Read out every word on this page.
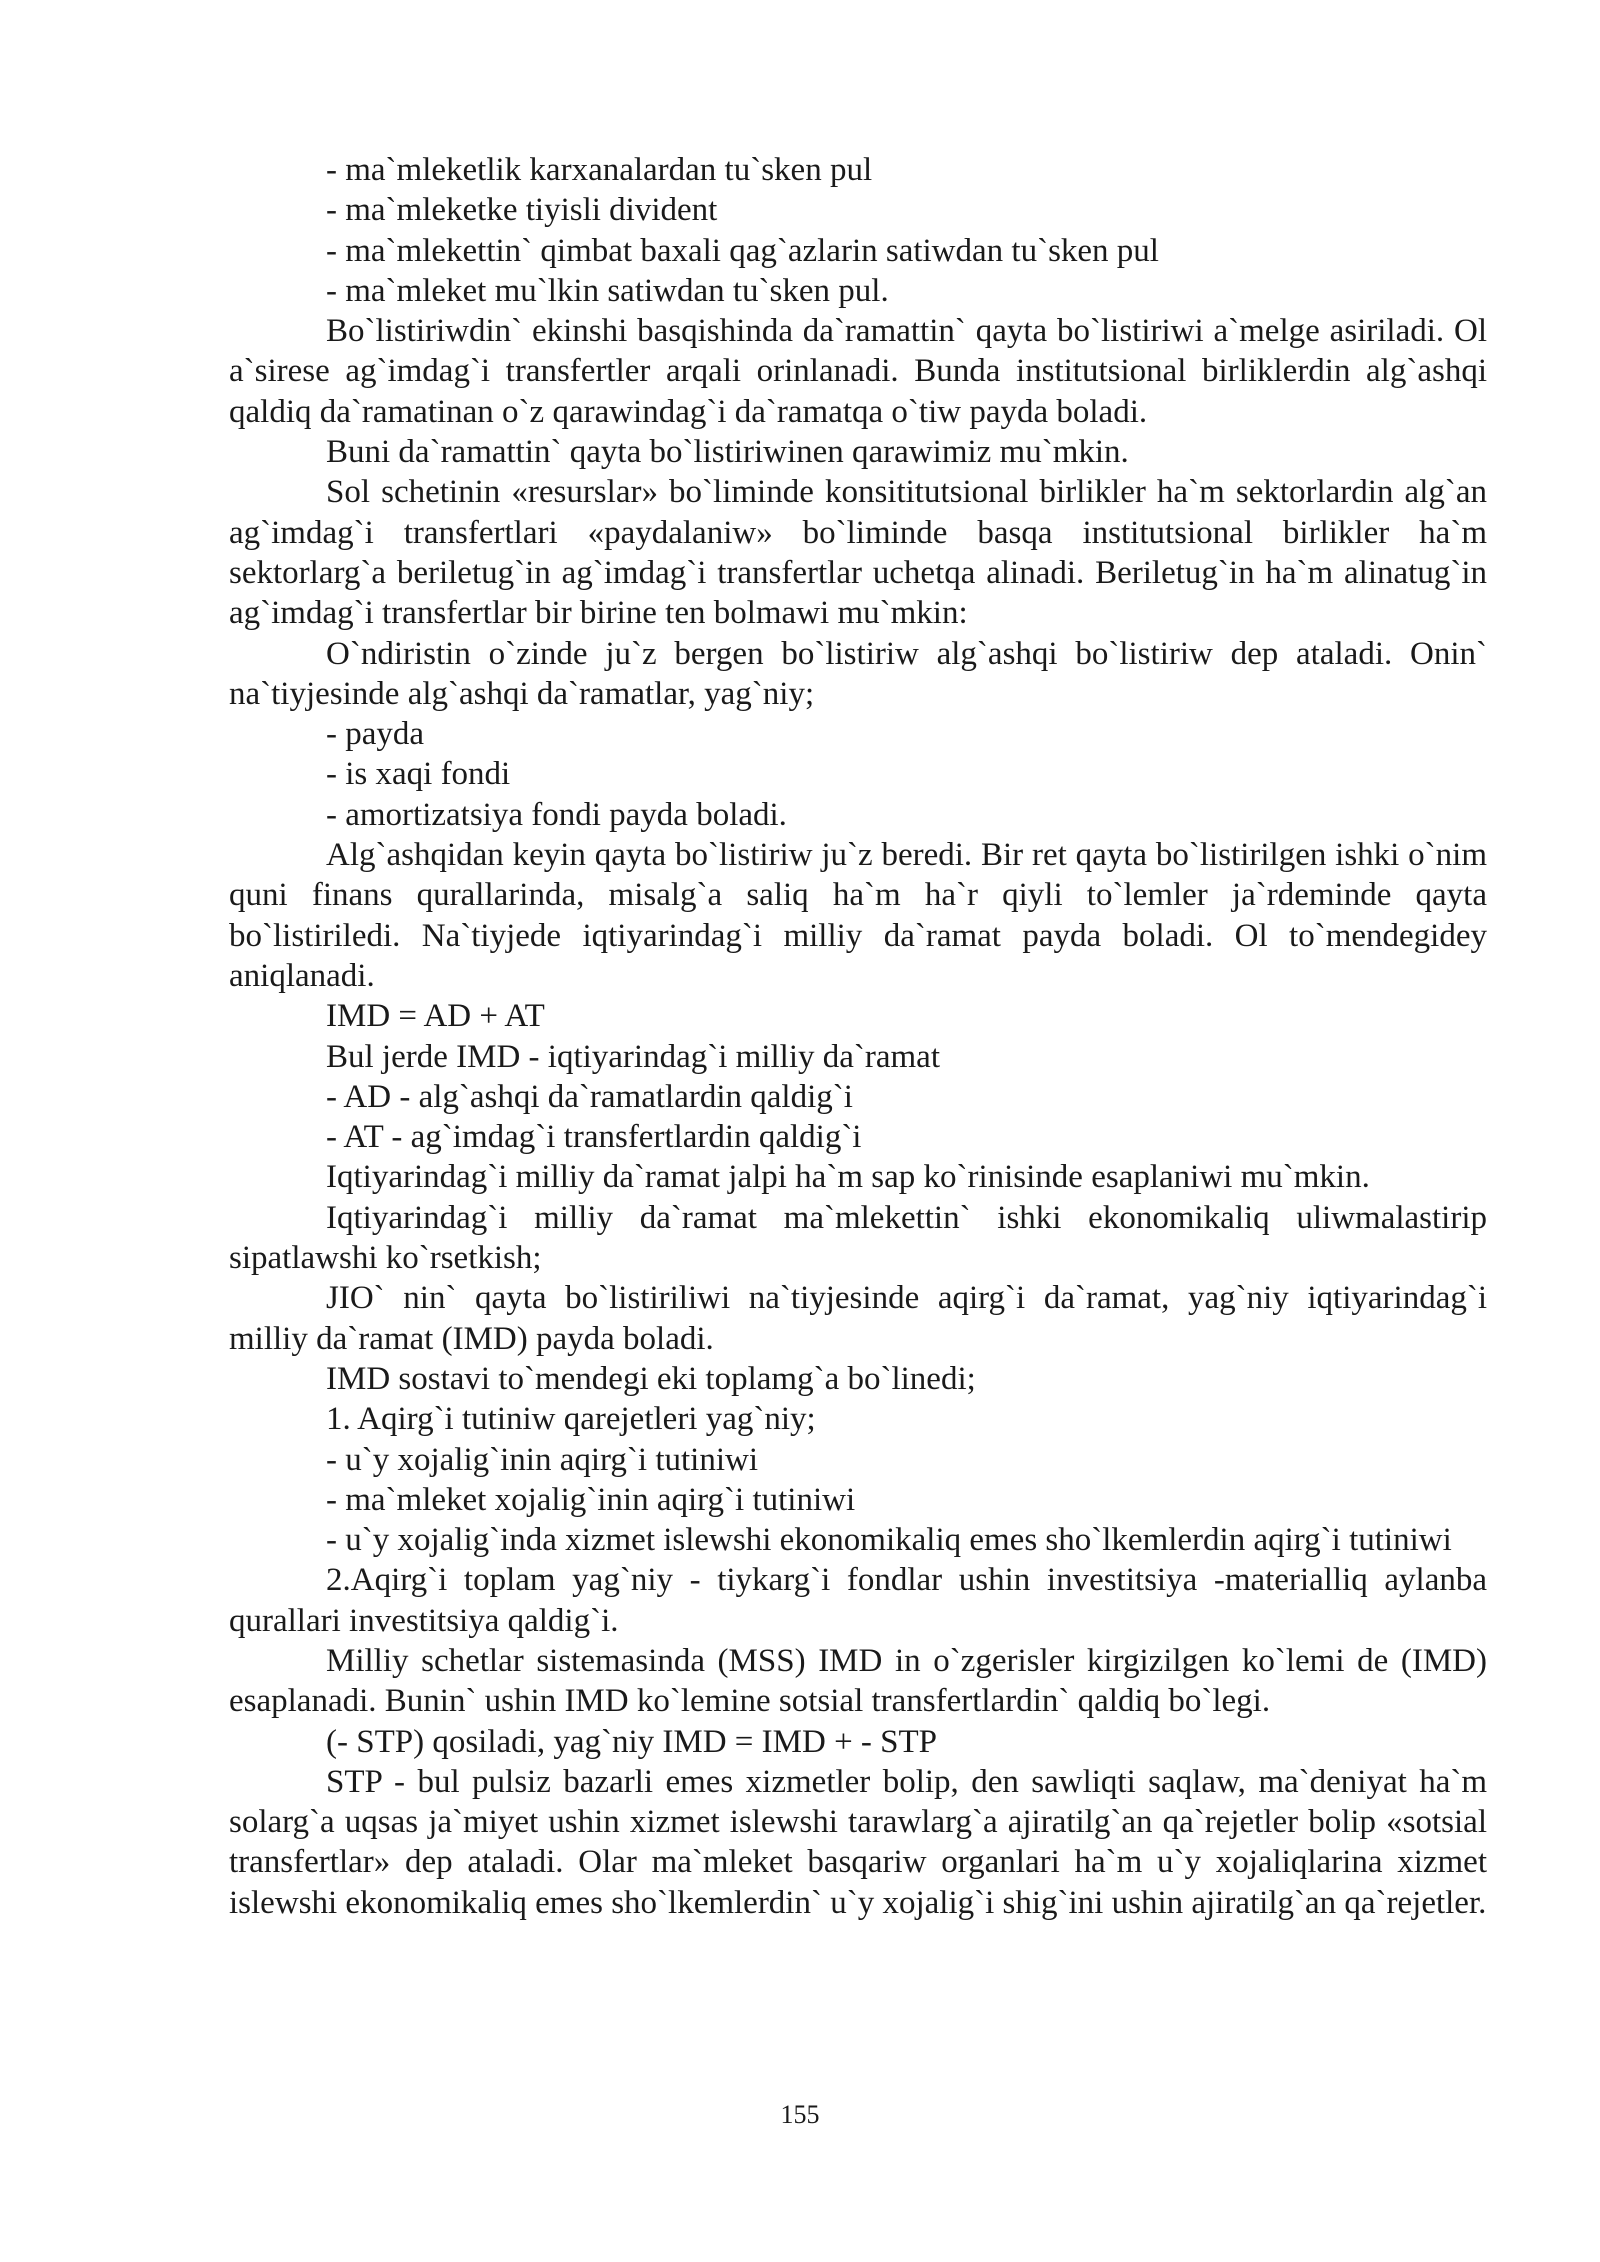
- ma`mleketlik karxanalardan tu`sken pul

- ma`mleketke tiyisli divident

- ma`mlekettin` qimbat baxali qag`azlarin satiwdan tu`sken pul

- ma`mleket mu`lkin satiwdan tu`sken pul.

Bo`listiriwdin` ekinshi basqishinda da`ramattin` qayta bo`listiriwi a`melge asiriladi. Ol a`sirese ag`imdag`i transfertler arqali orinlanadi. Bunda institutsional birliklerdin alg`ashqi qaldiq da`ramatinan o`z qarawindag`i da`ramatqa o`tiw payda boladi.

Buni da`ramattin` qayta bo`listiriwinen qarawimiz mu`mkin.

Sol schetinin «resurslar» bo`liminde konsititutsional birlikler ha`m sektorlardin alg`an ag`imdag`i transfertlari «paydalaniw» bo`liminde basqa institutsional birlikler ha`m sektorlarg`a beriletug`in ag`imdag`i transfertlar uchetqa alinadi. Beriletug`in ha`m alinatug`in ag`imdag`i transfertlar bir birine ten bolmawi mu`mkin:

O`ndiristin o`zinde ju`z bergen bo`listiriw alg`ashqi bo`listiriw dep ataladi. Onin` na`tiyjesinde alg`ashqi da`ramatlar, yag`niy;

- payda

- is xaqi fondi

- amortizatsiya fondi payda boladi.

Alg`ashqidan keyin qayta bo`listiriw ju`z beredi. Bir ret qayta bo`listirilgen ishki o`nim quni finans qurallarinda, misalg`a saliq ha`m ha`r qiyli to`lemler ja`rdeminde qayta bo`listiriledi. Na`tiyjede iqtiyarindag`i milliy da`ramat payda boladi. Ol to`mendegidey aniqlanadi.

IMD = AD + AT

Bul jerde IMD - iqtiyarindag`i milliy da`ramat

- AD - alg`ashqi da`ramatlardin qaldig`i

- AT - ag`imdag`i transfertlardin qaldig`i

Iqtiyarindag`i milliy da`ramat jalpi ha`m sap ko`rinisinde esaplaniwi mu`mkin.

Iqtiyarindag`i milliy da`ramat ma`mlekettin` ishki ekonomikaliq uliwmalastirip sipatlawshi ko`rsetkish;

JIO` nin` qayta bo`listiriliwi na`tiyjesinde aqirg`i da`ramat, yag`niy iqtiyarindag`i milliy da`ramat (IMD) payda boladi.

IMD sostavi to`mendegi eki toplamg`a bo`linedi;

1. Aqirg`i tutiniw qarejetleri yag`niy;

- u`y xojalig`inin aqirg`i tutiniwi

- ma`mleket xojalig`inin aqirg`i tutiniwi

- u`y xojalig`inda xizmet islewshi ekonomikaliq emes sho`lkemlerdin aqirg`i tutiniwi

2.Aqirg`i toplam yag`niy - tiykarg`i fondlar ushin investitsiya -materialliq aylanba qurallari investitsiya qaldig`i.

Milliy schetlar sistemasinda (MSS) IMD in o`zgerisler kirgizilgen ko`lemi de (IMD) esaplanadi. Bunin` ushin IMD ko`lemine sotsial transfertlardin` qaldiq bo`legi.

(- STP) qosiladi, yag`niy IMD = IMD + - STP

STP - bul pulsiz bazarli emes xizmetler bolip, den sawliqti saqlaw, ma`deniyat ha`m solarg`a uqsas ja`miyet ushin xizmet islewshi tarawlarg`a ajiratilg`an qa`rejetler bolip «sotsial transfertlar» dep ataladi. Olar ma`mleket basqariw organlari ha`m u`y xojaliqlarina xizmet islewshi ekonomikaliq emes sho`lkemlerdin` u`y xojalig`i shig`ini ushin ajiratilg`an qa`rejetler.

155
